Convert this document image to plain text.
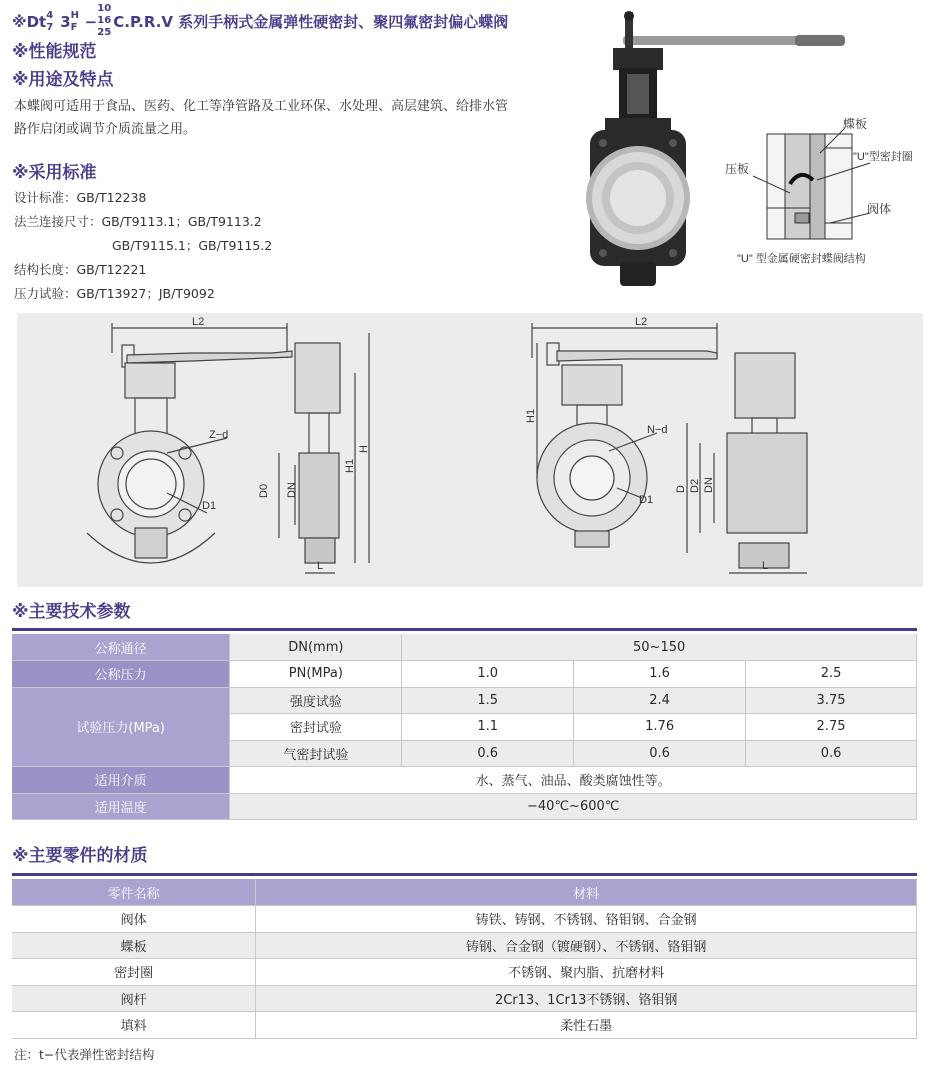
※Dt 4
7 3 H
F −
10
16
25
C.P.R.V 系列手柄式金属弹性硬密封、聚四氟密封偏心蝶阀
※性能规范
※用途及特点
本蝶阀可适用于食品、医药、化工等净管路及工业环保、水处理、高层建筑、给排水管
路作启闭或调节介质流量之用。
※采用标准
设计标准：GB/T12238
法兰连接尺寸：GB/T9113.1；GB/T9113.2
GB/T9115.1；GB/T9115.2
结构长度：GB/T12221
压力试验：GB/T13927；JB/T9092
蝶板
"U"型密封圈
压板
阀体
"U" 型金属硬密封蝶阀结构
L2
Z−d
D1
D0 DN
H1
H
L
L2
H1
N−d
D1
D D2 DN
L
※主要技术参数
公称通径	DN(mm)	50~150		
公称压力	PN(MPa)	1.0	1.6	2.5
试验压力(MPa)	强度试验	1.5	2.4	3.75
	密封试验	1.1	1.76	2.75
	气密封试验	0.6	0.6	0.6
适用介质	水、蒸气、油品、酸类腐蚀性等。			
适用温度	−40℃~600℃			
※主要零件的材质
零件名称	材料
阀体	铸铁、铸钢、不锈钢、铬钼钢、合金钢
蝶板	铸钢、合金钢（镀硬钢）、不锈钢、铬钼钢
密封圈	不锈钢、聚内脂、抗磨材料
阀杆	2Cr13、1Cr13不锈钢、铬钼钢
填料	柔性石墨
注：t−代表弹性密封结构
